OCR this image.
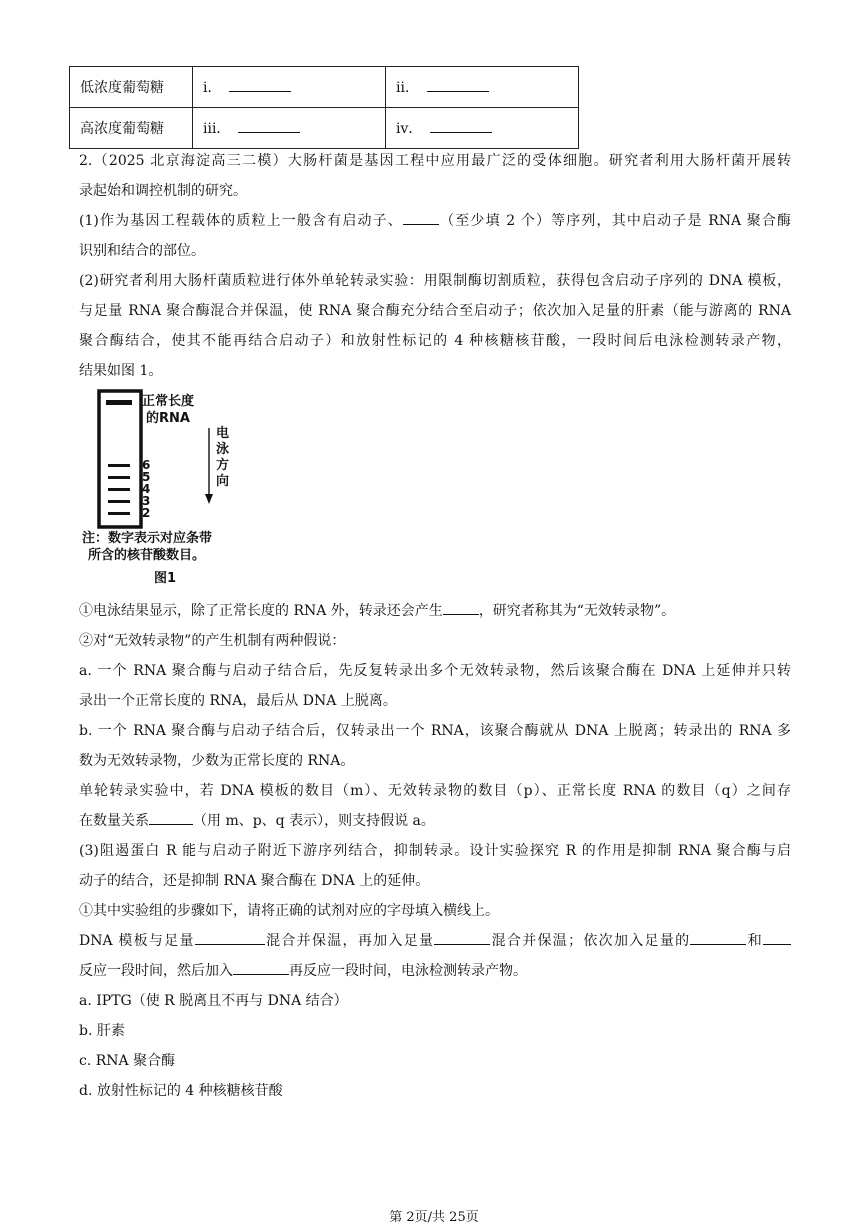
低浓度葡萄糖	ⅰ．	ⅱ．
高浓度葡萄糖	ⅲ．	ⅳ．
2.（2025 北京海淀高三二模）大肠杆菌是基因工程中应用最广泛的受体细胞。研究者利用大肠杆菌开展转
录起始和调控机制的研究。
(1)作为基因工程载体的质粒上一般含有启动子、	（至少填 2 个）等序列，其中启动子是 RNA 聚合酶
识别和结合的部位。
(2)研究者利用大肠杆菌质粒进行体外单轮转录实验：用限制酶切割质粒，获得包含启动子序列的 DNA 模板，
与足量 RNA 聚合酶混合并保温，使 RNA 聚合酶充分结合至启动子；依次加入足量的肝素（能与游离的 RNA
聚合酶结合，使其不能再结合启动子）和放射性标记的 4 种核糖核苷酸，一段时间后电泳检测转录产物，
结果如图 1。
正常长度
的RNA
电
泳
方
向
6
5
4
3
2
注：数字表示对应条带
所含的核苷酸数目。
图1
①电泳结果显示，除了正常长度的 RNA 外，转录还会产生	，研究者称其为“无效转录物”。
②对“无效转录物”的产生机制有两种假说：
a. 一个 RNA 聚合酶与启动子结合后，先反复转录出多个无效转录物，然后该聚合酶在 DNA 上延伸并只转
录出一个正常长度的 RNA，最后从 DNA 上脱离。
b. 一个 RNA 聚合酶与启动子结合后，仅转录出一个 RNA，该聚合酶就从 DNA 上脱离；转录出的 RNA 多
数为无效转录物，少数为正常长度的 RNA。
单轮转录实验中，若 DNA 模板的数目（m）、无效转录物的数目（p）、正常长度 RNA 的数目（q）之间存
在数量关系	（用 m、p、q 表示），则支持假说 a。
(3)阻遏蛋白 R 能与启动子附近下游序列结合，抑制转录。设计实验探究 R 的作用是抑制 RNA 聚合酶与启
动子的结合，还是抑制 RNA 聚合酶在 DNA 上的延伸。
①其中实验组的步骤如下，请将正确的试剂对应的字母填入横线上。
DNA 模板与足量	混合并保温，再加入足量	混合并保温；依次加入足量的	和
反应一段时间，然后加入	再反应一段时间，电泳检测转录产物。
a. IPTG（使 R 脱离且不再与 DNA 结合）
b. 肝素
c. RNA 聚合酶
d. 放射性标记的 4 种核糖核苷酸
第 2页/共 25页
